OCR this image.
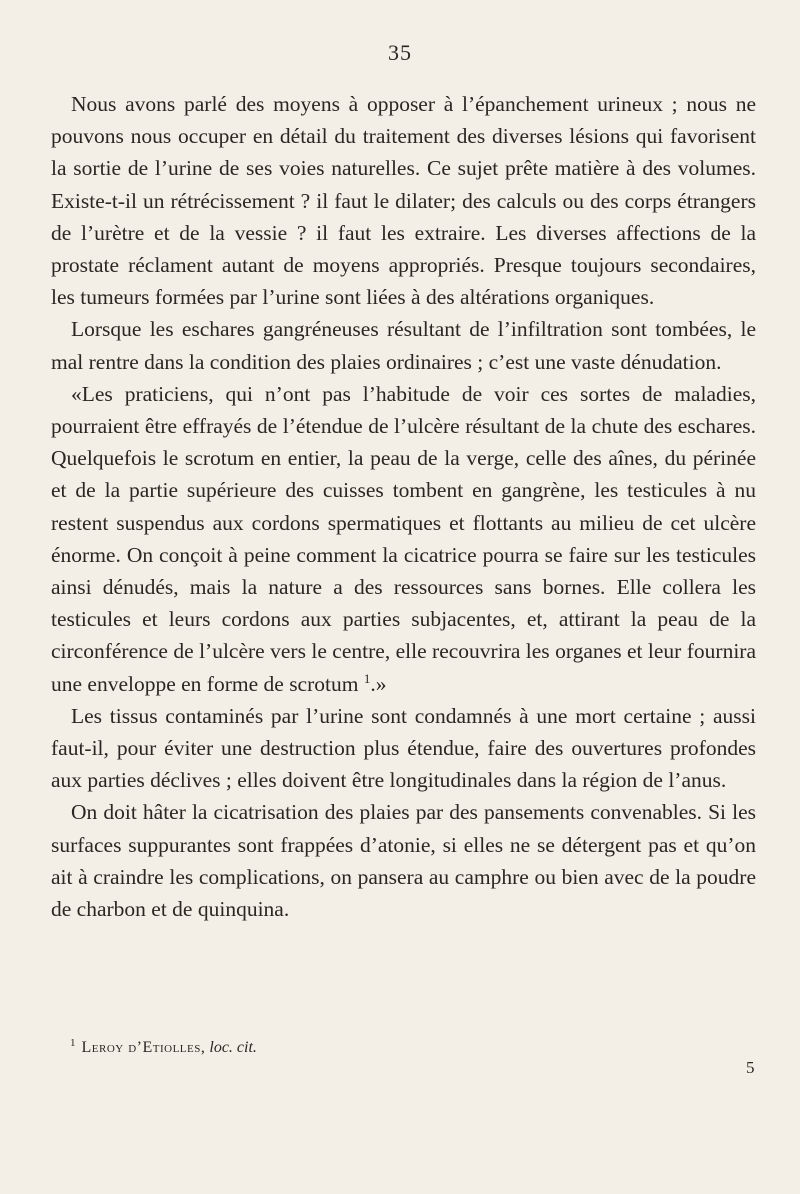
35

Nous avons parlé des moyens à opposer à l’épanchement urineux ; nous ne pouvons nous occuper en détail du traitement des diverses lésions qui favorisent la sortie de l’urine de ses voies naturelles. Ce sujet prête matière à des volumes. Existe-t-il un rétrécissement ? il faut le dilater; des calculs ou des corps étrangers de l’urètre et de la vessie ? il faut les extraire. Les diverses affections de la prostate réclament autant de moyens appropriés. Presque toujours secondaires, les tumeurs formées par l’urine sont liées à des altérations organiques.

Lorsque les eschares gangréneuses résultant de l’infiltration sont tombées, le mal rentre dans la condition des plaies ordinaires ; c’est une vaste dénudation.

«Les praticiens, qui n’ont pas l’habitude de voir ces sortes de maladies, pourraient être effrayés de l’étendue de l’ulcère résultant de la chute des eschares. Quelquefois le scrotum en entier, la peau de la verge, celle des aînes, du périnée et de la partie supérieure des cuisses tombent en gangrène, les testicules à nu restent suspendus aux cordons spermatiques et flottants au milieu de cet ulcère énorme. On conçoit à peine comment la cicatrice pourra se faire sur les testicules ainsi dénudés, mais la nature a des ressources sans bornes. Elle collera les testicules et leurs cordons aux parties subjacentes, et, attirant la peau de la circonférence de l’ulcère vers le centre, elle recouvrira les organes et leur fournira une enveloppe en forme de scrotum $^1$.»

Les tissus contaminés par l’urine sont condamnés à une mort certaine ; aussi faut-il, pour éviter une destruction plus étendue, faire des ouvertures profondes aux parties déclives ; elles doivent être longitudinales dans la région de l’anus.

On doit hâter la cicatrisation des plaies par des pansements convenables. Si les surfaces suppurantes sont frappées d’atonie, si elles ne se détergent pas et qu’on ait à craindre les complications, on pansera au camphre ou bien avec de la poudre de charbon et de quinquina.

$^1$ Leroy d’Etiolles, loc. cit.
5
